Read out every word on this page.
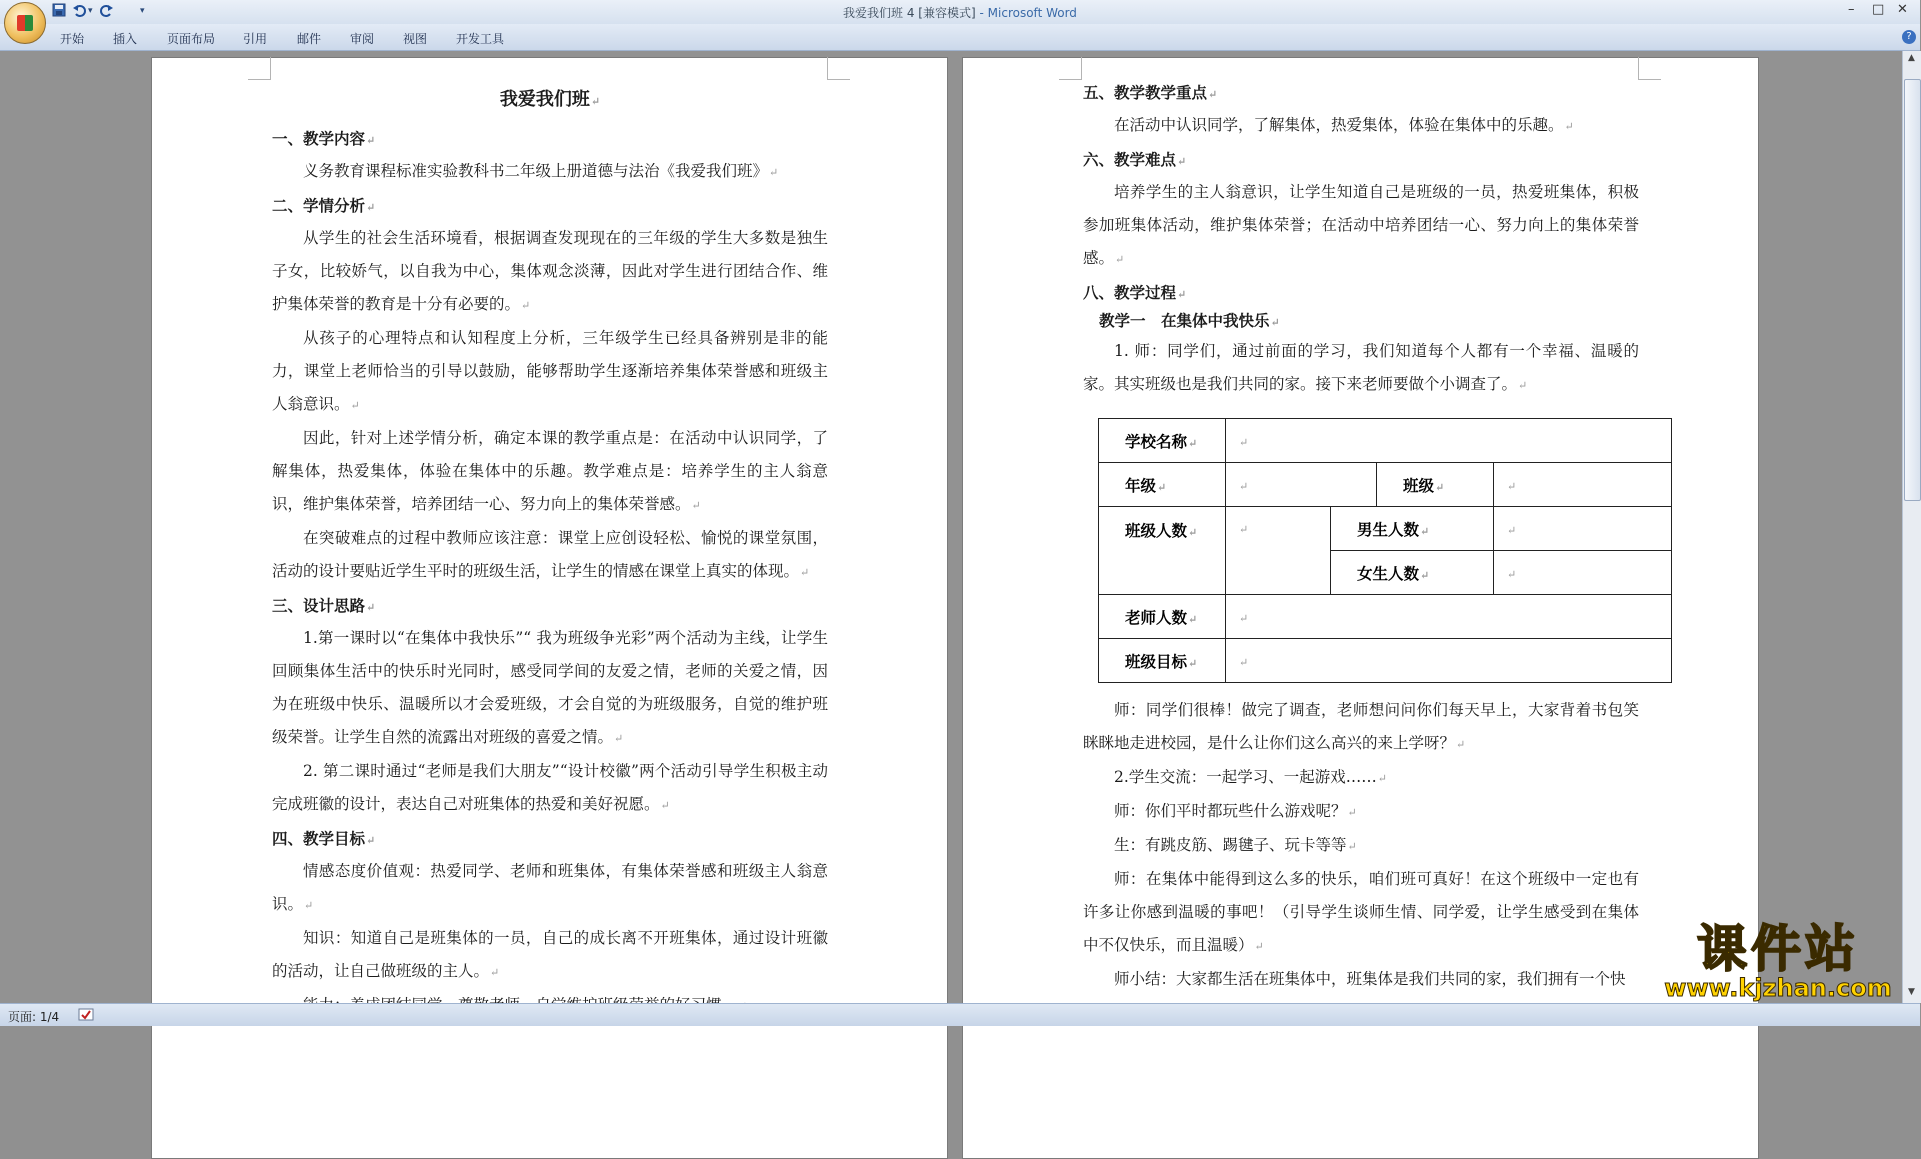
▾	▾	我爱我们班 4 [兼容模式] - Microsoft Word	– □ ✕
开始 插入 页面布局 引用 邮件 审阅 视图 开发工具	?

我爱我们班↵

一、教学内容↵

义务教育课程标准实验教科书二年级上册道德与法治《我爱我们班》↵

二、学情分析↵

从学生的社会生活环境看，根据调查发现现在的三年级的学生大多数是独生子女，比较娇气，以自我为中心，集体观念淡薄，因此对学生进行团结合作、维护集体荣誉的教育是十分有必要的。↵

从孩子的心理特点和认知程度上分析，三年级学生已经具备辨别是非的能力，课堂上老师恰当的引导以鼓励，能够帮助学生逐渐培养集体荣誉感和班级主人翁意识。↵

因此，针对上述学情分析，确定本课的教学重点是：在活动中认识同学，了解集体，热爱集体，体验在集体中的乐趣。教学难点是：培养学生的主人翁意识，维护集体荣誉，培养团结一心、努力向上的集体荣誉感。↵

在突破难点的过程中教师应该注意：课堂上应创设轻松、愉悦的课堂氛围，活动的设计要贴近学生平时的班级生活，让学生的情感在课堂上真实的体现。↵

三、设计思路↵

1.第一课时以“在集体中我快乐”“ 我为班级争光彩”两个活动为主线，让学生回顾集体生活中的快乐时光同时，感受同学间的友爱之情，老师的关爱之情，因为在班级中快乐、温暖所以才会爱班级，才会自觉的为班级服务，自觉的维护班级荣誉。让学生自然的流露出对班级的喜爱之情。↵

2. 第二课时通过“老师是我们大朋友”“设计校徽”两个活动引导学生积极主动完成班徽的设计，表达自己对班集体的热爱和美好祝愿。↵

四、教学目标↵

情感态度价值观：热爱同学、老师和班集体，有集体荣誉感和班级主人翁意识。↵

知识：知道自己是班集体的一员，自己的成长离不开班集体，通过设计班徽的活动，让自己做班级的主人。↵

五、教学教学重点↵

在活动中认识同学，了解集体，热爱集体，体验在集体中的乐趣。↵

六、教学难点↵

培养学生的主人翁意识，让学生知道自己是班级的一员，热爱班集体，积极参加班集体活动，维护集体荣誉；在活动中培养团结一心、努力向上的集体荣誉感。↵

八、教学过程↵

教学一　在集体中我快乐↵

1. 师：同学们，通过前面的学习，我们知道每个人都有一个幸福、温暖的家。其实班级也是我们共同的家。接下来老师要做个小调查了。↵

学校名称↵	↵			
年级↵	↵		班级↵	↵
班级人数↵	↵	男生人数↵		↵
		女生人数↵		↵
老师人数↵	↵			
班级目标↵	↵			

师：同学们很棒！做完了调查，老师想问问你们每天早上，大家背着书包笑眯眯地走进校园，是什么让你们这么高兴的来上学呀？↵

2.学生交流：一起学习、一起游戏……↵

师：你们平时都玩些什么游戏呢？↵

生：有跳皮筋、踢毽子、玩卡等等↵

师：在集体中能得到这么多的快乐，咱们班可真好！在这个班级中一定也有许多让你感到温暖的事吧！（引导学生谈师生情、同学爱，让学生感受到在集体中不仅快乐，而且温暖）↵

师小结：大家都生活在班集体中，班集体是我们共同的家，我们拥有一个快

▲
▼
页面: 1/4
课件站
www.kjzhan.com
